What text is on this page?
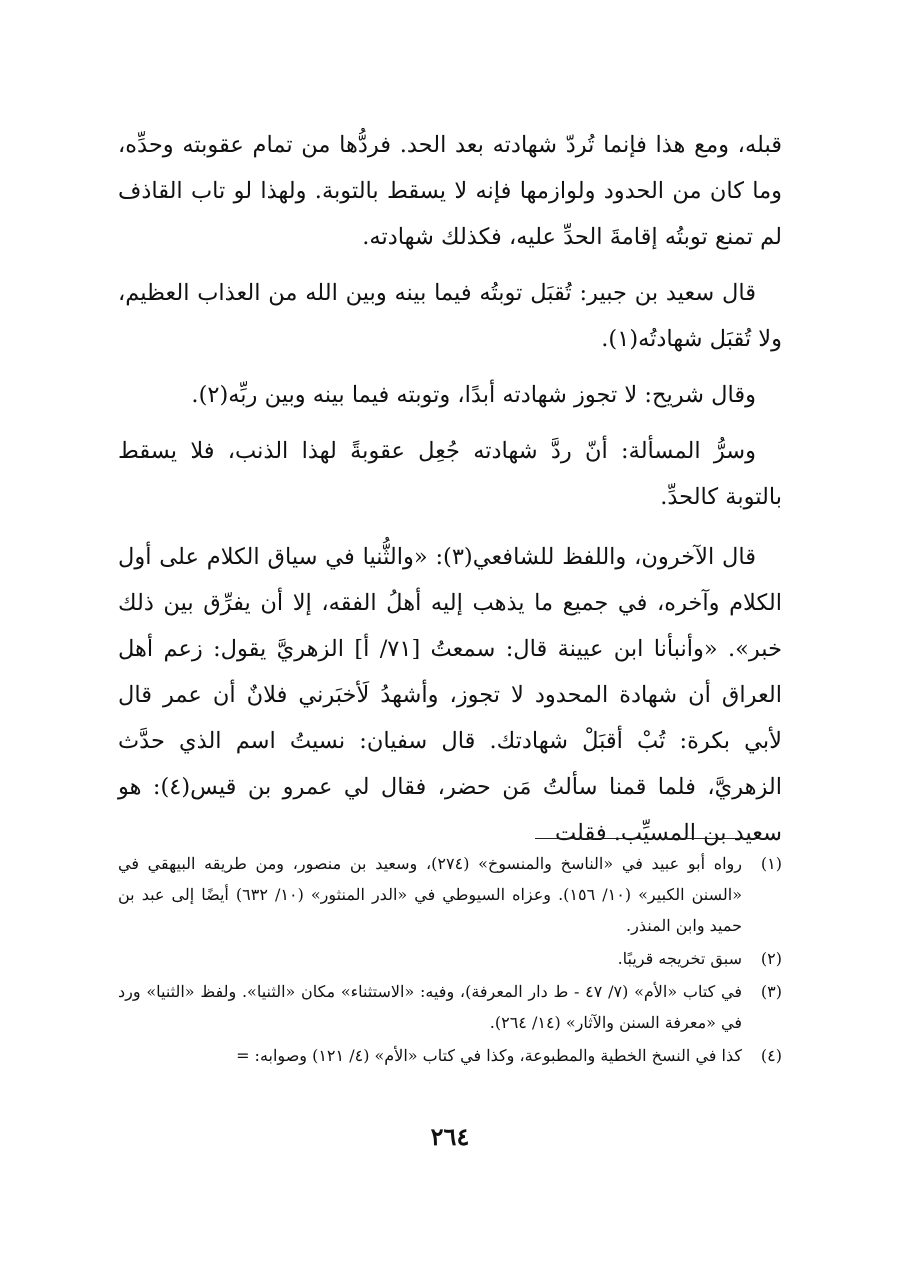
قبله، ومع هذا فإنما تُردّ شهادته بعد الحد. فردُّها من تمام عقوبته وحدِّه، وما كان من الحدود ولوازمها فإنه لا يسقط بالتوبة. ولهذا لو تاب القاذف لم تمنع توبتُه إقامةَ الحدِّ عليه، فكذلك شهادته.

قال سعيد بن جبير: تُقبَل توبتُه فيما بينه وبين الله من العذاب العظيم، ولا تُقبَل شهادتُه(١).

وقال شريح: لا تجوز شهادته أبدًا، وتوبته فيما بينه وبين ربِّه(٢).

وسرُّ المسألة: أنّ ردَّ شهادته جُعِل عقوبةً لهذا الذنب، فلا يسقط بالتوبة كالحدِّ.

قال الآخرون، واللفظ للشافعي(٣): «والثُّنيا في سياق الكلام على أول الكلام وآخره، في جميع ما يذهب إليه أهلُ الفقه، إلا أن يفرِّق بين ذلك خبر». «وأنبأنا ابن عيينة قال: سمعتُ [٧١/ أ] الزهريَّ يقول: زعم أهل العراق أن شهادة المحدود لا تجوز، وأشهدُ لَأخبَرني فلانٌ أن عمر قال لأبي بكرة: تُبْ أقبَلْ شهادتك. قال سفيان: نسيتُ اسم الذي حدَّث الزهريَّ، فلما قمنا سألتُ مَن حضر، فقال لي عمرو بن قيس(٤): هو سعيد بن المسيِّب. فقلت

(١)
رواه أبو عبيد في «الناسخ والمنسوخ» (٢٧٤)، وسعيد بن منصور، ومن طريقه البيهقي في «السنن الكبير» (١٠/ ١٥٦). وعزاه السيوطي في «الدر المنثور» (١٠/ ٦٣٢) أيضًا إلى عبد بن حميد وابن المنذر.
(٢)
سبق تخريجه قريبًا.
(٣)
في كتاب «الأم» (٧/ ٤٧ - ط دار المعرفة)، وفيه: «الاستثناء» مكان «الثنيا». ولفظ «الثنيا» ورد في «معرفة السنن والآثار» (١٤/ ٢٦٤).
(٤)
كذا في النسخ الخطية والمطبوعة، وكذا في كتاب «الأم» (٤/ ١٢١) وصوابه: =
٢٦٤
